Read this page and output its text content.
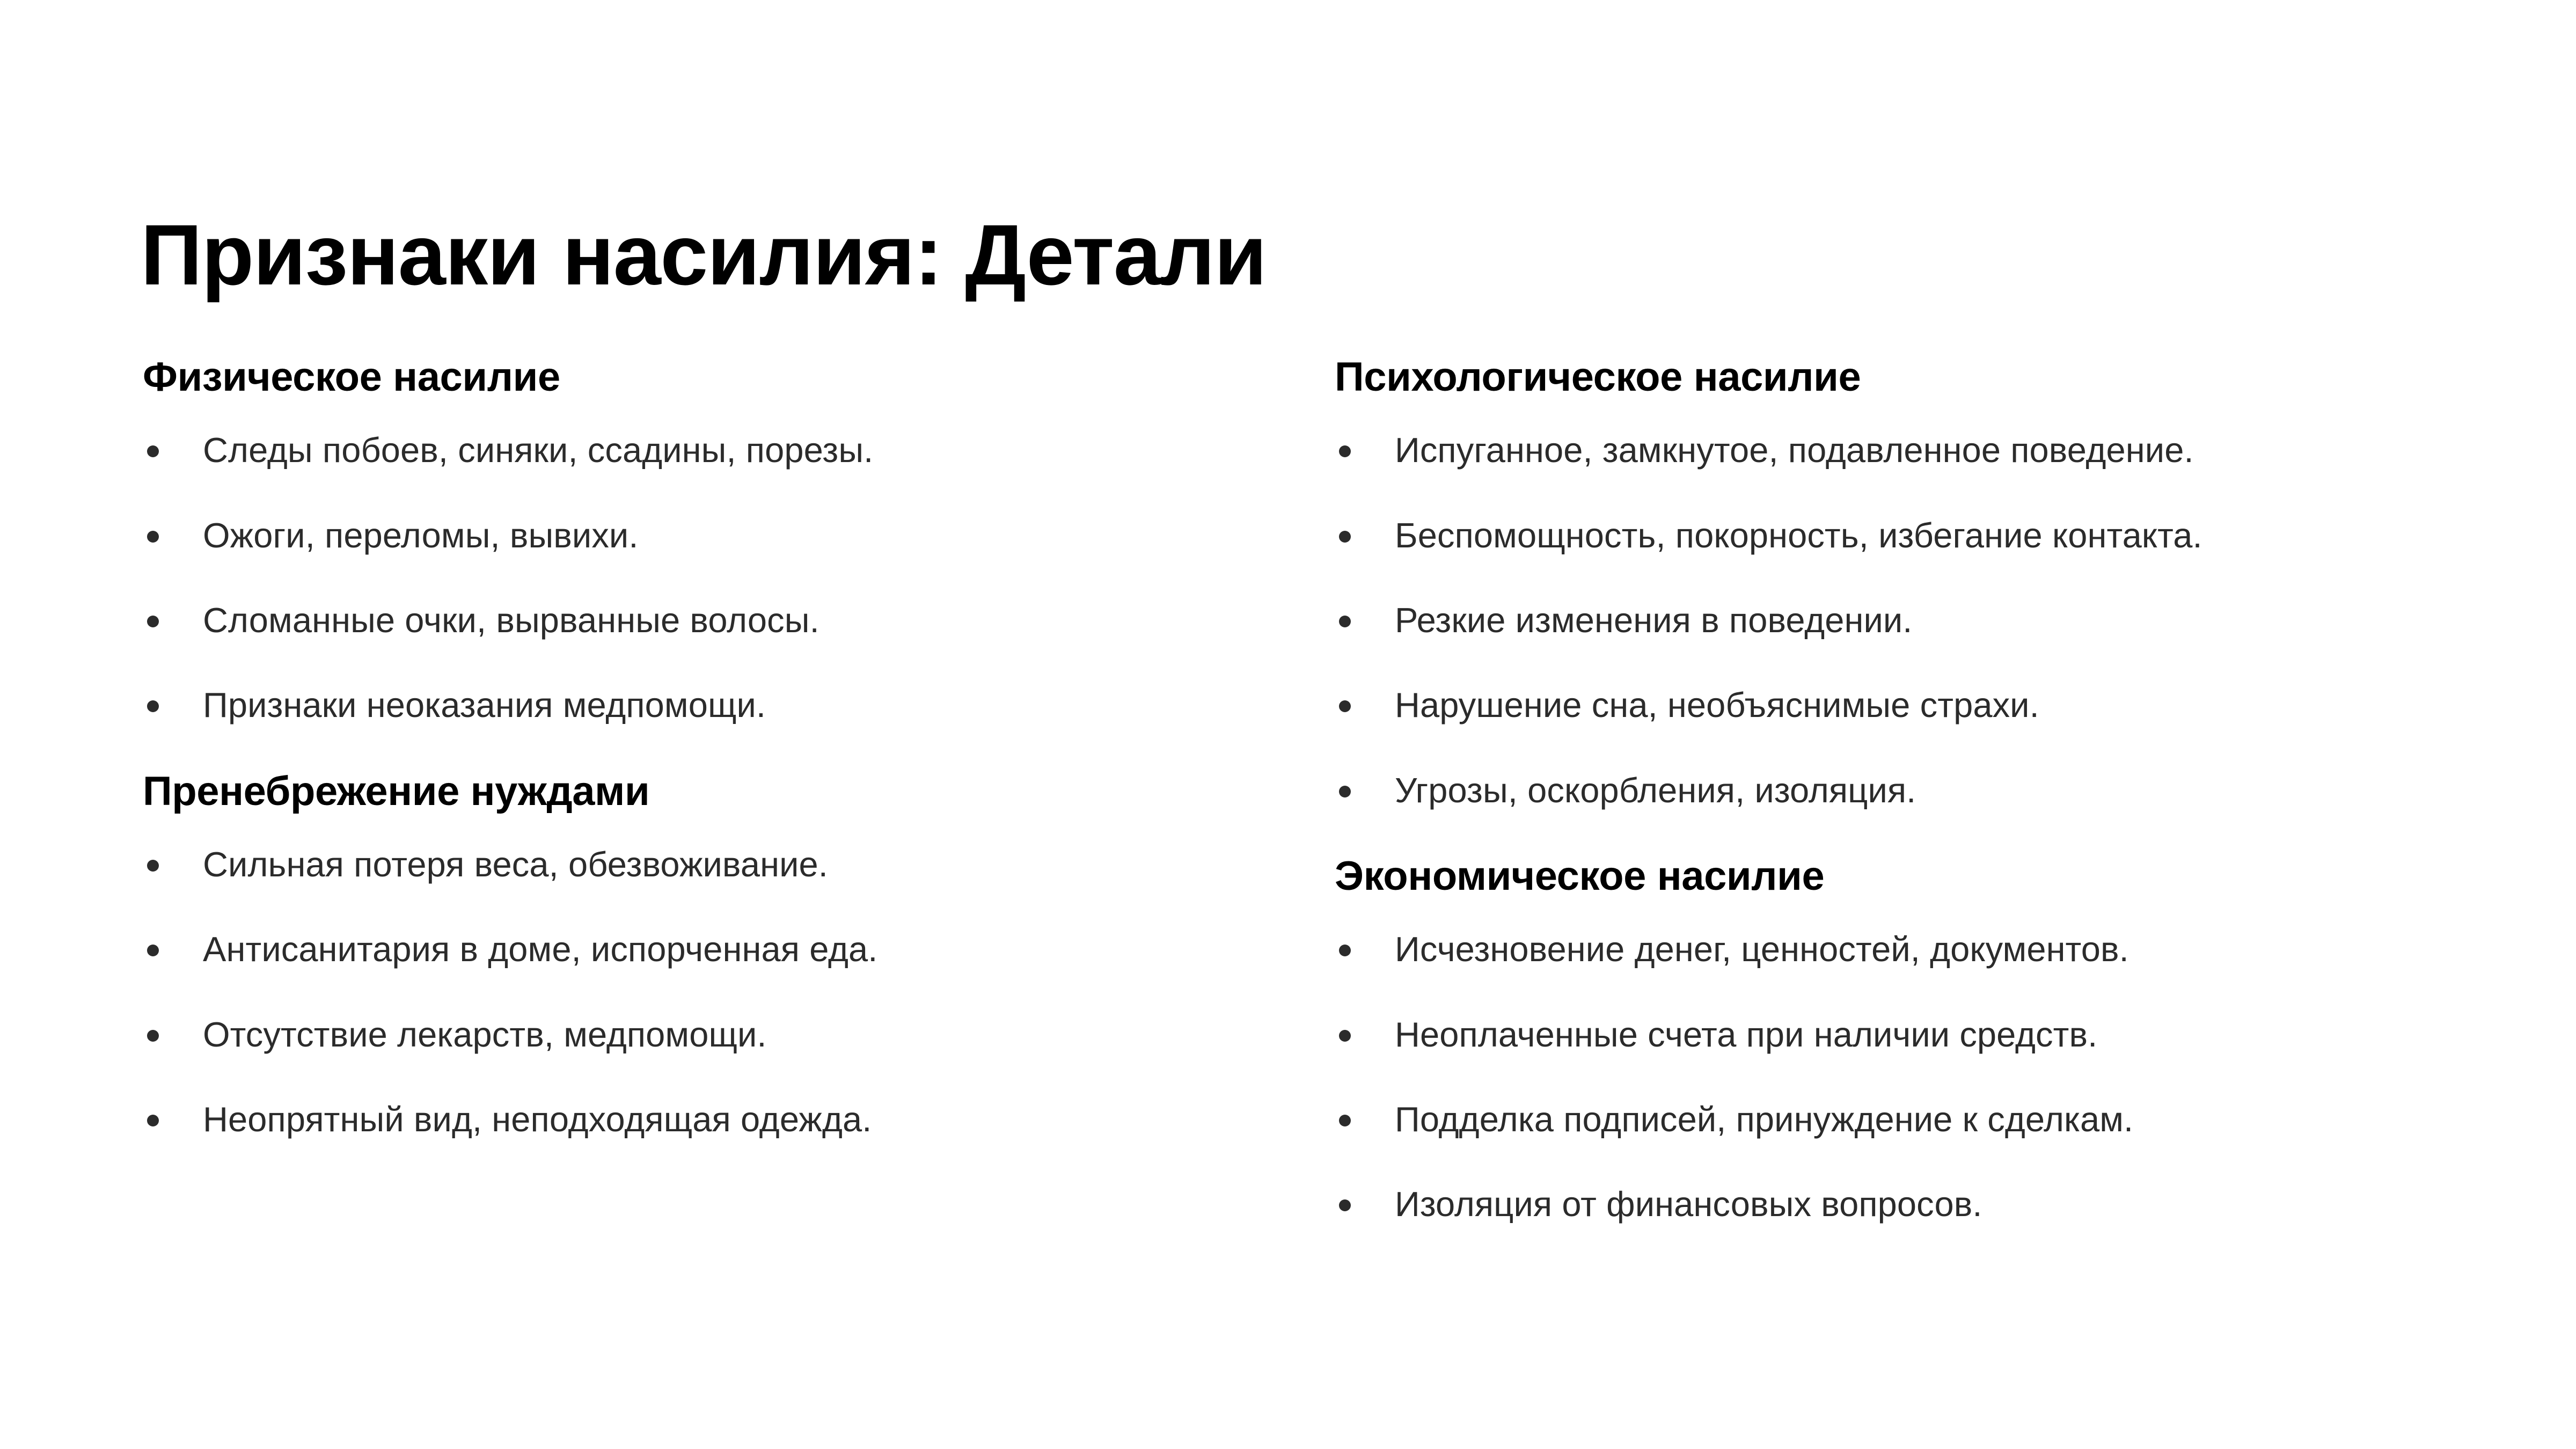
Признаки насилия: Детали
Физическое насилие
Следы побоев, синяки, ссадины, порезы.
Ожоги, переломы, вывихи.
Сломанные очки, вырванные волосы.
Признаки неоказания медпомощи.
Пренебрежение нуждами
Сильная потеря веса, обезвоживание.
Антисанитария в доме, испорченная еда.
Отсутствие лекарств, медпомощи.
Неопрятный вид, неподходящая одежда.
Психологическое насилие
Испуганное, замкнутое, подавленное поведение.
Беспомощность, покорность, избегание контакта.
Резкие изменения в поведении.
Нарушение сна, необъяснимые страхи.
Угрозы, оскорбления, изоляция.
Экономическое насилие
Исчезновение денег, ценностей, документов.
Неоплаченные счета при наличии средств.
Подделка подписей, принуждение к сделкам.
Изоляция от финансовых вопросов.
